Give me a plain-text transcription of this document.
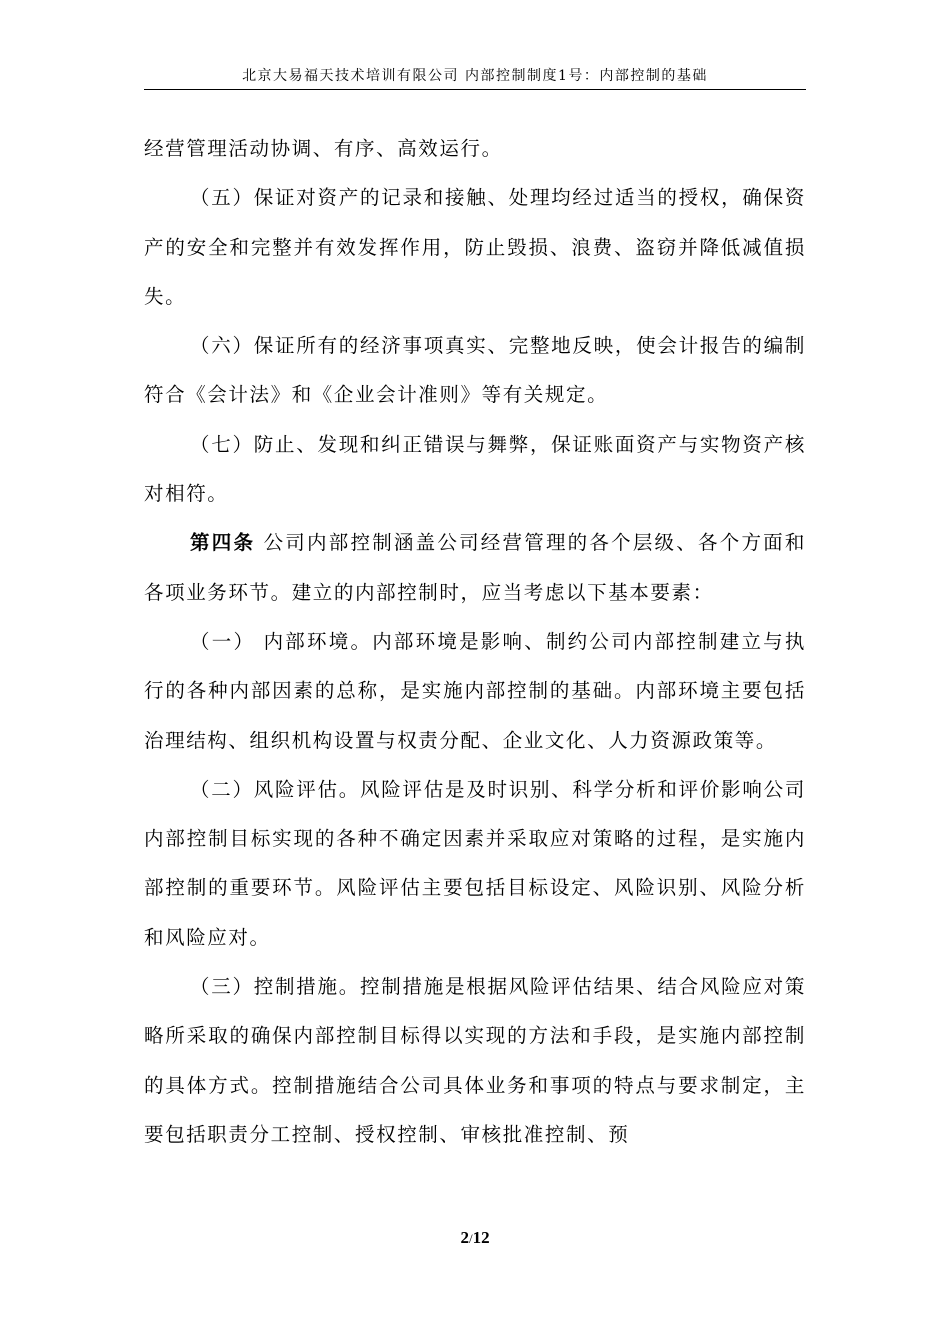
北京大易福天技术培训有限公司 内部控制制度1号：内部控制的基础

经营管理活动协调、有序、高效运行。

（五）保证对资产的记录和接触、处理均经过适当的授权，确保资产的安全和完整并有效发挥作用，防止毁损、浪费、盗窃并降低减值损失。

（六）保证所有的经济事项真实、完整地反映，使会计报告的编制符合《会计法》和《企业会计准则》等有关规定。

（七）防止、发现和纠正错误与舞弊，保证账面资产与实物资产核对相符。

第四条 公司内部控制涵盖公司经营管理的各个层级、各个方面和各项业务环节。建立的内部控制时，应当考虑以下基本要素：

（一） 内部环境。内部环境是影响、制约公司内部控制建立与执行的各种内部因素的总称，是实施内部控制的基础。内部环境主要包括治理结构、组织机构设置与权责分配、企业文化、人力资源政策等。

（二）风险评估。风险评估是及时识别、科学分析和评价影响公司内部控制目标实现的各种不确定因素并采取应对策略的过程，是实施内部控制的重要环节。风险评估主要包括目标设定、风险识别、风险分析和风险应对。

（三）控制措施。控制措施是根据风险评估结果、结合风险应对策略所采取的确保内部控制目标得以实现的方法和手段，是实施内部控制的具体方式。控制措施结合公司具体业务和事项的特点与要求制定，主要包括职责分工控制、授权控制、审核批准控制、预

2/12
